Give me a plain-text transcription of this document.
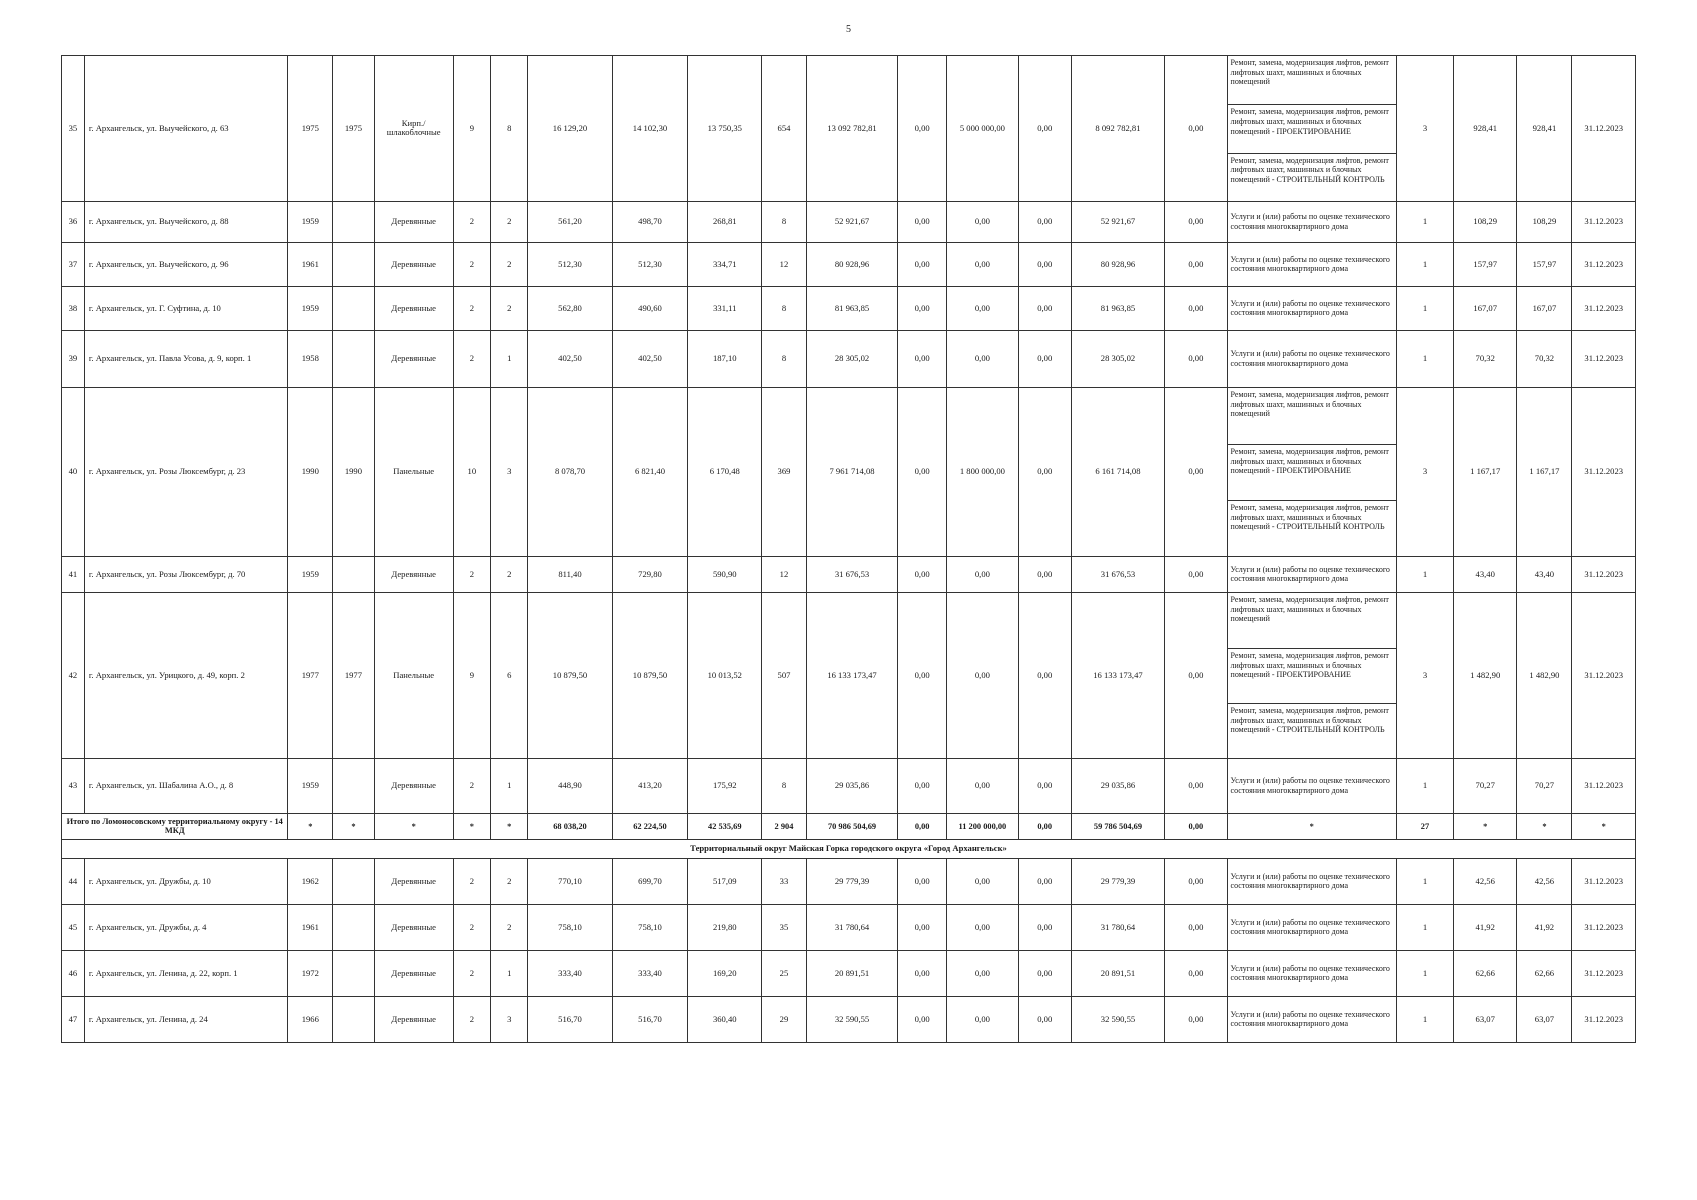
5
35	г. Архангельск, ул. Выучейского, д. 63	1975	1975	Кирп./ шлакоблочные	9	8	16 129,20	14 102,30	13 750,35	654	13 092 782,81	0,00	5 000 000,00	0,00	8 092 782,81	0,00	Ремонт, замена, модернизация лифтов, ремонт лифтовых шахт, машинных и блочных помещений
Ремонт, замена, модернизация лифтов, ремонт лифтовых шахт, машинных и блочных помещений - ПРОЕКТИРОВАНИЕ
Ремонт, замена, модернизация лифтов, ремонт лифтовых шахт, машинных и блочных помещений - СТРОИТЕЛЬНЫЙ КОНТРОЛЬ	3	928,41	928,41	31.12.2023
36	г. Архангельск, ул. Выучейского, д. 88	1959		Деревянные	2	2	561,20	498,70	268,81	8	52 921,67	0,00	0,00	0,00	52 921,67	0,00	Услуги и (или) работы по оценке технического состояния многоквартирного дома	1	108,29	108,29	31.12.2023
37	г. Архангельск, ул. Выучейского, д. 96	1961		Деревянные	2	2	512,30	512,30	334,71	12	80 928,96	0,00	0,00	0,00	80 928,96	0,00	Услуги и (или) работы по оценке технического состояния многоквартирного дома	1	157,97	157,97	31.12.2023
38	г. Архангельск, ул. Г. Суфтина, д. 10	1959		Деревянные	2	2	562,80	490,60	331,11	8	81 963,85	0,00	0,00	0,00	81 963,85	0,00	Услуги и (или) работы по оценке технического состояния многоквартирного дома	1	167,07	167,07	31.12.2023
39	г. Архангельск, ул. Павла Усова, д. 9, корп. 1	1958		Деревянные	2	1	402,50	402,50	187,10	8	28 305,02	0,00	0,00	0,00	28 305,02	0,00	Услуги и (или) работы по оценке технического состояния многоквартирного дома	1	70,32	70,32	31.12.2023
40	г. Архангельск, ул. Розы Люксембург, д. 23	1990	1990	Панельные	10	3	8 078,70	6 821,40	6 170,48	369	7 961 714,08	0,00	1 800 000,00	0,00	6 161 714,08	0,00	Ремонт, замена, модернизация лифтов, ремонт лифтовых шахт, машинных и блочных помещений
Ремонт, замена, модернизация лифтов, ремонт лифтовых шахт, машинных и блочных помещений - ПРОЕКТИРОВАНИЕ
Ремонт, замена, модернизация лифтов, ремонт лифтовых шахт, машинных и блочных помещений - СТРОИТЕЛЬНЫЙ КОНТРОЛЬ	3	1 167,17	1 167,17	31.12.2023
41	г. Архангельск, ул. Розы Люксембург, д. 70	1959		Деревянные	2	2	811,40	729,80	590,90	12	31 676,53	0,00	0,00	0,00	31 676,53	0,00	Услуги и (или) работы по оценке технического состояния многоквартирного дома	1	43,40	43,40	31.12.2023
42	г. Архангельск, ул. Урицкого, д. 49, корп. 2	1977	1977	Панельные	9	6	10 879,50	10 879,50	10 013,52	507	16 133 173,47	0,00	0,00	0,00	16 133 173,47	0,00	Ремонт, замена, модернизация лифтов, ремонт лифтовых шахт, машинных и блочных помещений
Ремонт, замена, модернизация лифтов, ремонт лифтовых шахт, машинных и блочных помещений - ПРОЕКТИРОВАНИЕ
Ремонт, замена, модернизация лифтов, ремонт лифтовых шахт, машинных и блочных помещений - СТРОИТЕЛЬНЫЙ КОНТРОЛЬ	3	1 482,90	1 482,90	31.12.2023
43	г. Архангельск, ул. Шабалина А.О., д. 8	1959		Деревянные	2	1	448,90	413,20	175,92	8	29 035,86	0,00	0,00	0,00	29 035,86	0,00	Услуги и (или) работы по оценке технического состояния многоквартирного дома	1	70,27	70,27	31.12.2023
Итого по Ломоносовскому территориальному округу - 14 МКД		*	*	*	*	*	68 038,20	62 224,50	42 535,69	2 904	70 986 504,69	0,00	11 200 000,00	0,00	59 786 504,69	0,00	*	27	*	*	*
Территориальный округ Майская Горка городского округа «Город Архангельск»																					
44	г. Архангельск, ул. Дружбы, д. 10	1962		Деревянные	2	2	770,10	699,70	517,09	33	29 779,39	0,00	0,00	0,00	29 779,39	0,00	Услуги и (или) работы по оценке технического состояния многоквартирного дома	1	42,56	42,56	31.12.2023
45	г. Архангельск, ул. Дружбы, д. 4	1961		Деревянные	2	2	758,10	758,10	219,80	35	31 780,64	0,00	0,00	0,00	31 780,64	0,00	Услуги и (или) работы по оценке технического состояния многоквартирного дома	1	41,92	41,92	31.12.2023
46	г. Архангельск, ул. Ленина, д. 22, корп. 1	1972		Деревянные	2	1	333,40	333,40	169,20	25	20 891,51	0,00	0,00	0,00	20 891,51	0,00	Услуги и (или) работы по оценке технического состояния многоквартирного дома	1	62,66	62,66	31.12.2023
47	г. Архангельск, ул. Ленина, д. 24	1966		Деревянные	2	3	516,70	516,70	360,40	29	32 590,55	0,00	0,00	0,00	32 590,55	0,00	Услуги и (или) работы по оценке технического состояния многоквартирного дома	1	63,07	63,07	31.12.2023
